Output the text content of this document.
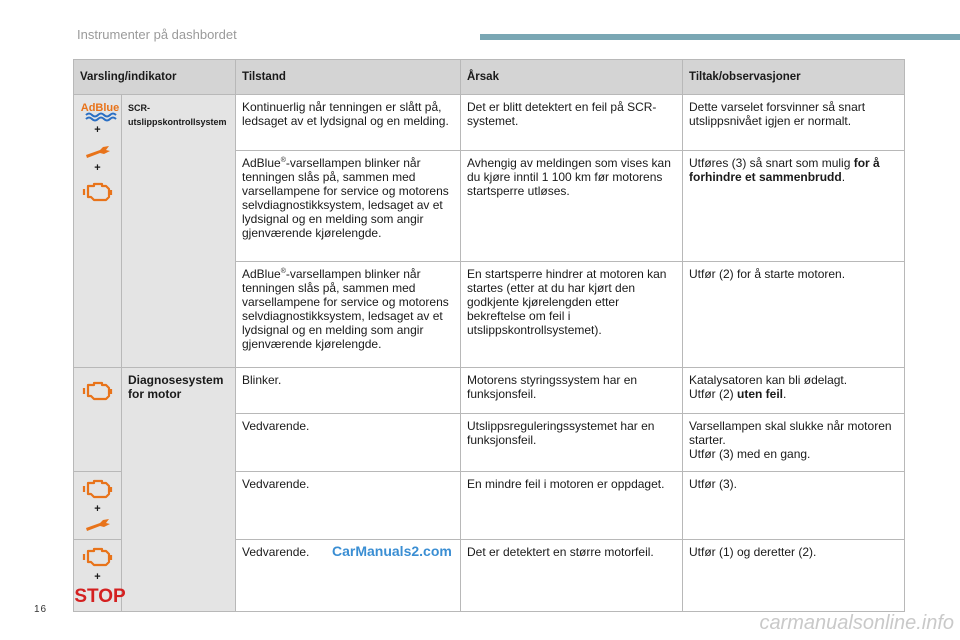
Instrumenter på dashbordet
Varsling/indikator		Tilstand	Årsak	Tiltak/observasjoner

AdBlue
+
+	SCR-utslippskontrollsystem	Kontinuerlig når tenningen er slått på, ledsaget av et lydsignal og en melding.	Det er blitt detektert en feil på SCR-systemet.	Dette varselet forsvinner så snart utslippsnivået igjen er normalt.
		AdBlue®-varsellampen blinker når tenningen slås på, sammen med varsellampene for service og motorens selvdiagnostikksystem, ledsaget av et lydsignal og en melding som angir gjenværende kjørelengde.	Avhengig av meldingen som vises kan du kjøre inntil 1 100 km før motorens startsperre utløses.	Utføres (3) så snart som mulig for å forhindre et sammenbrudd.
		AdBlue®-varsellampen blinker når tenningen slås på, sammen med varsellampene for service og motorens selvdiagnostikksystem, ledsaget av et lydsignal og en melding som angir gjenværende kjørelengde.	En startsperre hindrer at motoren kan startes (etter at du har kjørt den godkjente kjørelengden etter bekreftelse om feil i utslippskontrollsystemet).	Utfør (2) for å starte motoren.

	Diagnosesystem for motor	Blinker.	Motorens styringssystem har en funksjonsfeil.	Katalysatoren kan bli ødelagt.
Utfør (2) uten feil.
		Vedvarende.	Utslippsreguleringssystemet har en funksjonsfeil.	Varsellampen skal slukke når motoren starter.
Utfør (3) med en gang.

+		Vedvarende.	En mindre feil i motoren er oppdaget.	Utfør (3).

+
STOP		Vedvarende.	Det er detektert en større motorfeil.	Utfør (1) og deretter (2).
CarManuals2.com
16
carmanualsonline.info
